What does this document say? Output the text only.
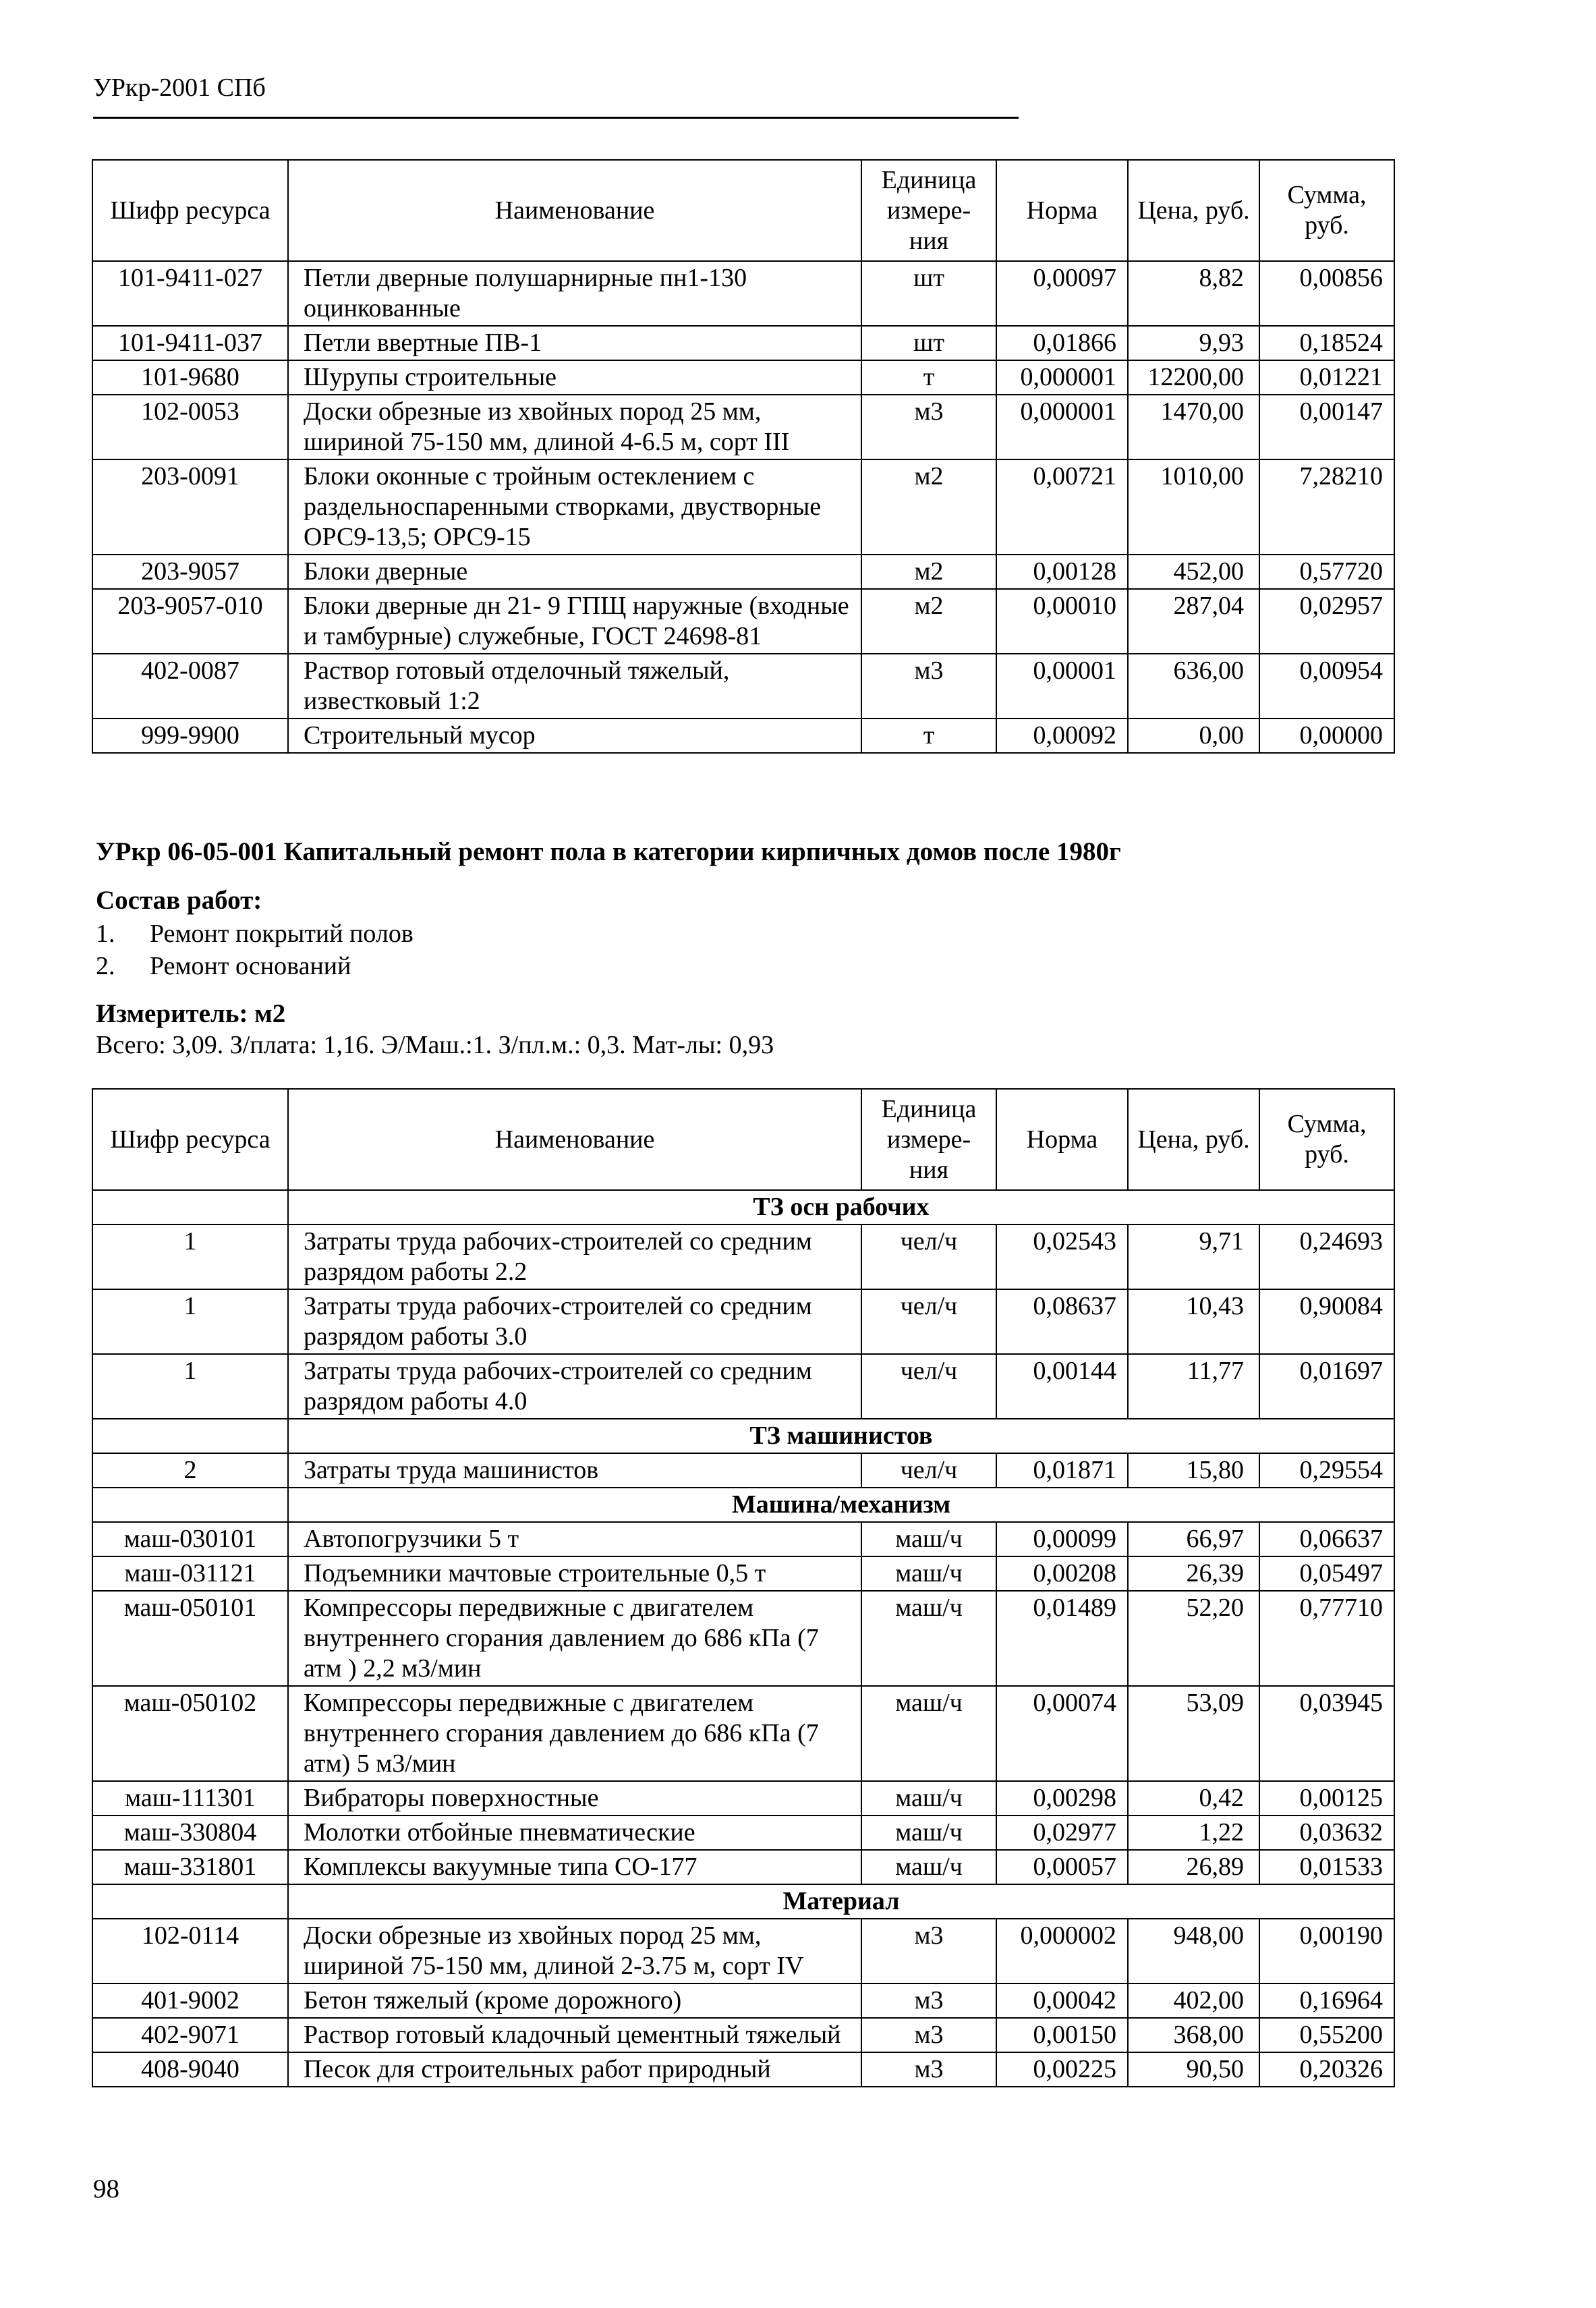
УРкр-2001 СПб
Шифр ресурса	Наименование	Единица измере-ния	Норма	Цена, руб.	Сумма, руб.
101-9411-027	Петли дверные полушарнирные пн1-130 оцинкованные	шт	0,00097	8,82	0,00856
101-9411-037	Петли ввертные ПВ-1	шт	0,01866	9,93	0,18524
101-9680	Шурупы строительные	т	0,000001	12200,00	0,01221
102-0053	Доски обрезные из хвойных пород 25 мм, шириной 75-150 мм, длиной 4-6.5 м, сорт III	м3	0,000001	1470,00	0,00147
203-0091	Блоки оконные с тройным остеклением с раздельноспаренными створками, двустворные ОРС9-13,5; ОРС9-15	м2	0,00721	1010,00	7,28210
203-9057	Блоки дверные	м2	0,00128	452,00	0,57720
203-9057-010	Блоки дверные дн 21- 9 ГПЩ наружные (входные и тамбурные) служебные, ГОСТ 24698-81	м2	0,00010	287,04	0,02957
402-0087	Раствор готовый отделочный тяжелый, известковый 1:2	м3	0,00001	636,00	0,00954
999-9900	Строительный мусор	т	0,00092	0,00	0,00000
УРкр 06-05-001 Капитальный ремонт пола в категории кирпичных домов после 1980г
Состав работ:
1.	Ремонт покрытий полов
2.	Ремонт оснований
Измеритель: м2
Всего: 3,09. З/плата: 1,16. Э/Маш.:1. З/пл.м.: 0,3. Мат-лы: 0,93
Шифр ресурса	Наименование	Единица измере-ния	Норма	Цена, руб.	Сумма, руб.
	ТЗ осн рабочих				
1	Затраты труда рабочих-строителей со средним разрядом работы 2.2	чел/ч	0,02543	9,71	0,24693
1	Затраты труда рабочих-строителей со средним разрядом работы 3.0	чел/ч	0,08637	10,43	0,90084
1	Затраты труда рабочих-строителей со средним разрядом работы 4.0	чел/ч	0,00144	11,77	0,01697
	ТЗ машинистов				
2	Затраты труда машинистов	чел/ч	0,01871	15,80	0,29554
	Машина/механизм				
маш-030101	Автопогрузчики 5 т	маш/ч	0,00099	66,97	0,06637
маш-031121	Подъемники мачтовые строительные 0,5 т	маш/ч	0,00208	26,39	0,05497
маш-050101	Компрессоры передвижные с двигателем внутреннего сгорания давлением до 686 кПа (7 атм ) 2,2 м3/мин	маш/ч	0,01489	52,20	0,77710
маш-050102	Компрессоры передвижные с двигателем внутреннего сгорания давлением до 686 кПа (7 атм) 5 м3/мин	маш/ч	0,00074	53,09	0,03945
маш-111301	Вибраторы поверхностные	маш/ч	0,00298	0,42	0,00125
маш-330804	Молотки отбойные пневматические	маш/ч	0,02977	1,22	0,03632
маш-331801	Комплексы вакуумные типа СО-177	маш/ч	0,00057	26,89	0,01533
	Материал				
102-0114	Доски обрезные из хвойных пород 25 мм, шириной 75-150 мм, длиной 2-3.75 м, сорт IV	м3	0,000002	948,00	0,00190
401-9002	Бетон тяжелый (кроме дорожного)	м3	0,00042	402,00	0,16964
402-9071	Раствор готовый кладочный цементный тяжелый	м3	0,00150	368,00	0,55200
408-9040	Песок для строительных работ природный	м3	0,00225	90,50	0,20326
98
